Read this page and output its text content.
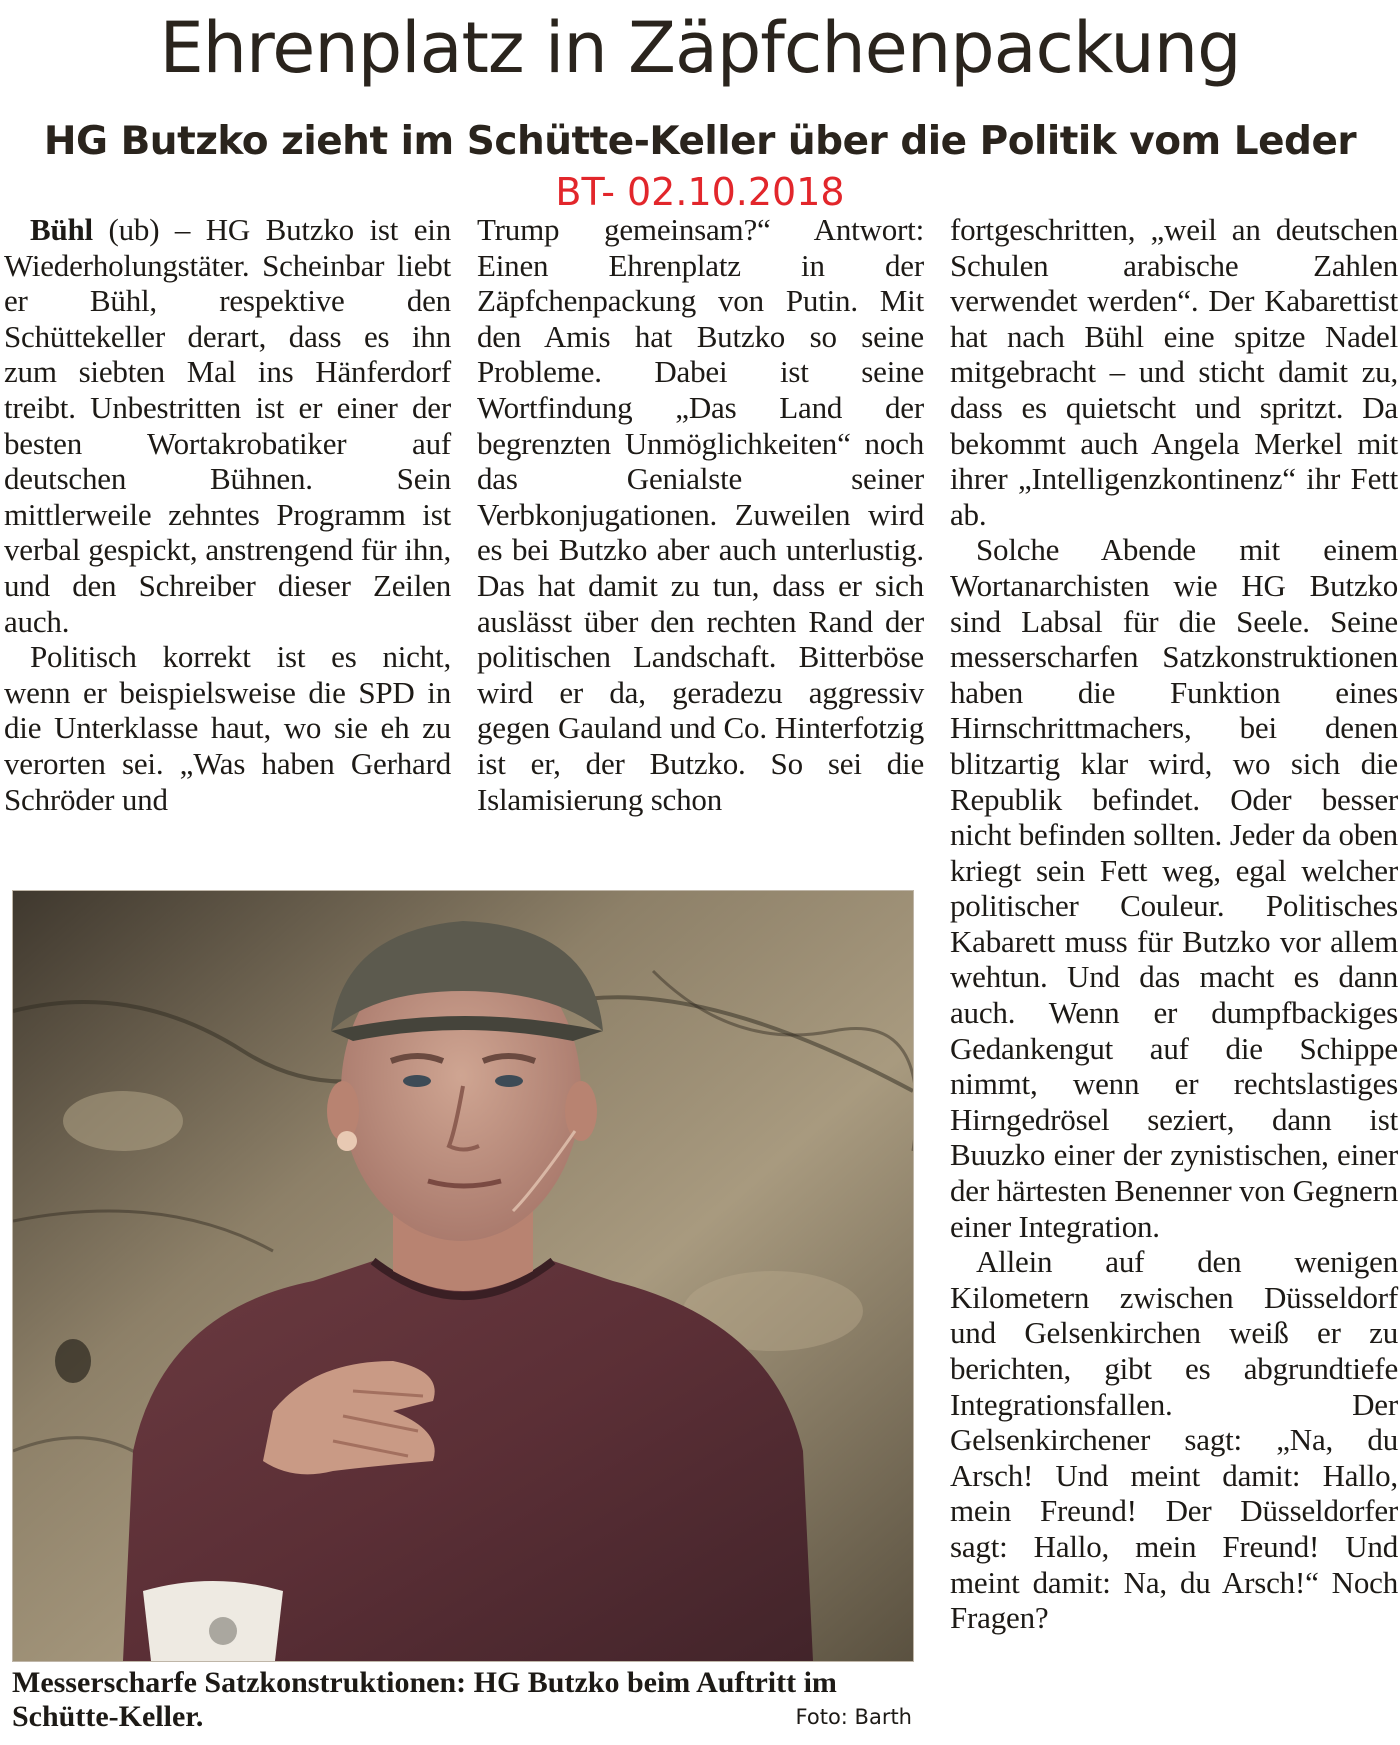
Ehrenplatz in Zäpfchenpackung
HG Butzko zieht im Schütte-Keller über die Politik vom Leder
BT- 02.10.2018

Bühl (ub) – HG Butzko ist ein Wiederholungstäter. Scheinbar liebt er Bühl, respektive den Schüttekeller derart, dass es ihn zum siebten Mal ins Hänferdorf treibt. Unbestritten ist er einer der besten Wortakrobatiker auf deutschen Bühnen. Sein mittlerweile zehntes Programm ist verbal gespickt, anstrengend für ihn, und den Schreiber dieser Zeilen auch.

Politisch korrekt ist es nicht, wenn er beispielsweise die SPD in die Unterklasse haut, wo sie eh zu verorten sei. „Was haben Gerhard Schröder und

Trump gemeinsam?“ Antwort: Einen Ehrenplatz in der Zäpfchenpackung von Putin. Mit den Amis hat Butzko so seine Probleme. Dabei ist seine Wortfindung „Das Land der begrenzten Unmöglichkeiten“ noch das Genialste seiner Verbkonjugationen. Zuweilen wird es bei Butzko aber auch unterlustig. Das hat damit zu tun, dass er sich auslässt über den rechten Rand der politischen Landschaft. Bitterböse wird er da, geradezu aggressiv gegen Gauland und Co. Hinterfotzig ist er, der Butzko. So sei die Islamisierung schon

fortgeschritten, „weil an deutschen Schulen arabische Zahlen verwendet werden“. Der Kabarettist hat nach Bühl eine spitze Nadel mitgebracht – und sticht damit zu, dass es quietscht und spritzt. Da bekommt auch Angela Merkel mit ihrer „Intelligenzkontinenz“ ihr Fett ab.

Solche Abende mit einem Wortanarchisten wie HG Butzko sind Labsal für die Seele. Seine messerscharfen Satzkonstruktionen haben die Funktion eines Hirnschrittmachers, bei denen blitzartig klar wird, wo sich die Republik befindet. Oder besser nicht befinden sollten. Jeder da oben kriegt sein Fett weg, egal welcher politischer Couleur. Politisches Kabarett muss für Butzko vor allem wehtun. Und das macht es dann auch. Wenn er dumpfbackiges Gedankengut auf die Schippe nimmt, wenn er rechtslastiges Hirngedrösel seziert, dann ist Buuzko einer der zynistischen, einer der härtesten Benenner von Gegnern einer Integration.

Allein auf den wenigen Kilometern zwischen Düsseldorf und Gelsenkirchen weiß er zu berichten, gibt es abgrundtiefe Integrationsfallen. Der Gelsenkirchener sagt: „Na, du Arsch! Und meint damit: Hallo, mein Freund! Der Düsseldorfer sagt: Hallo, mein Freund! Und meint damit: Na, du Arsch!“ Noch Fragen?

Messerscharfe Satzkonstruktionen: HG Butzko beim Auftritt im Schütte-Keller.	Foto: Barth
